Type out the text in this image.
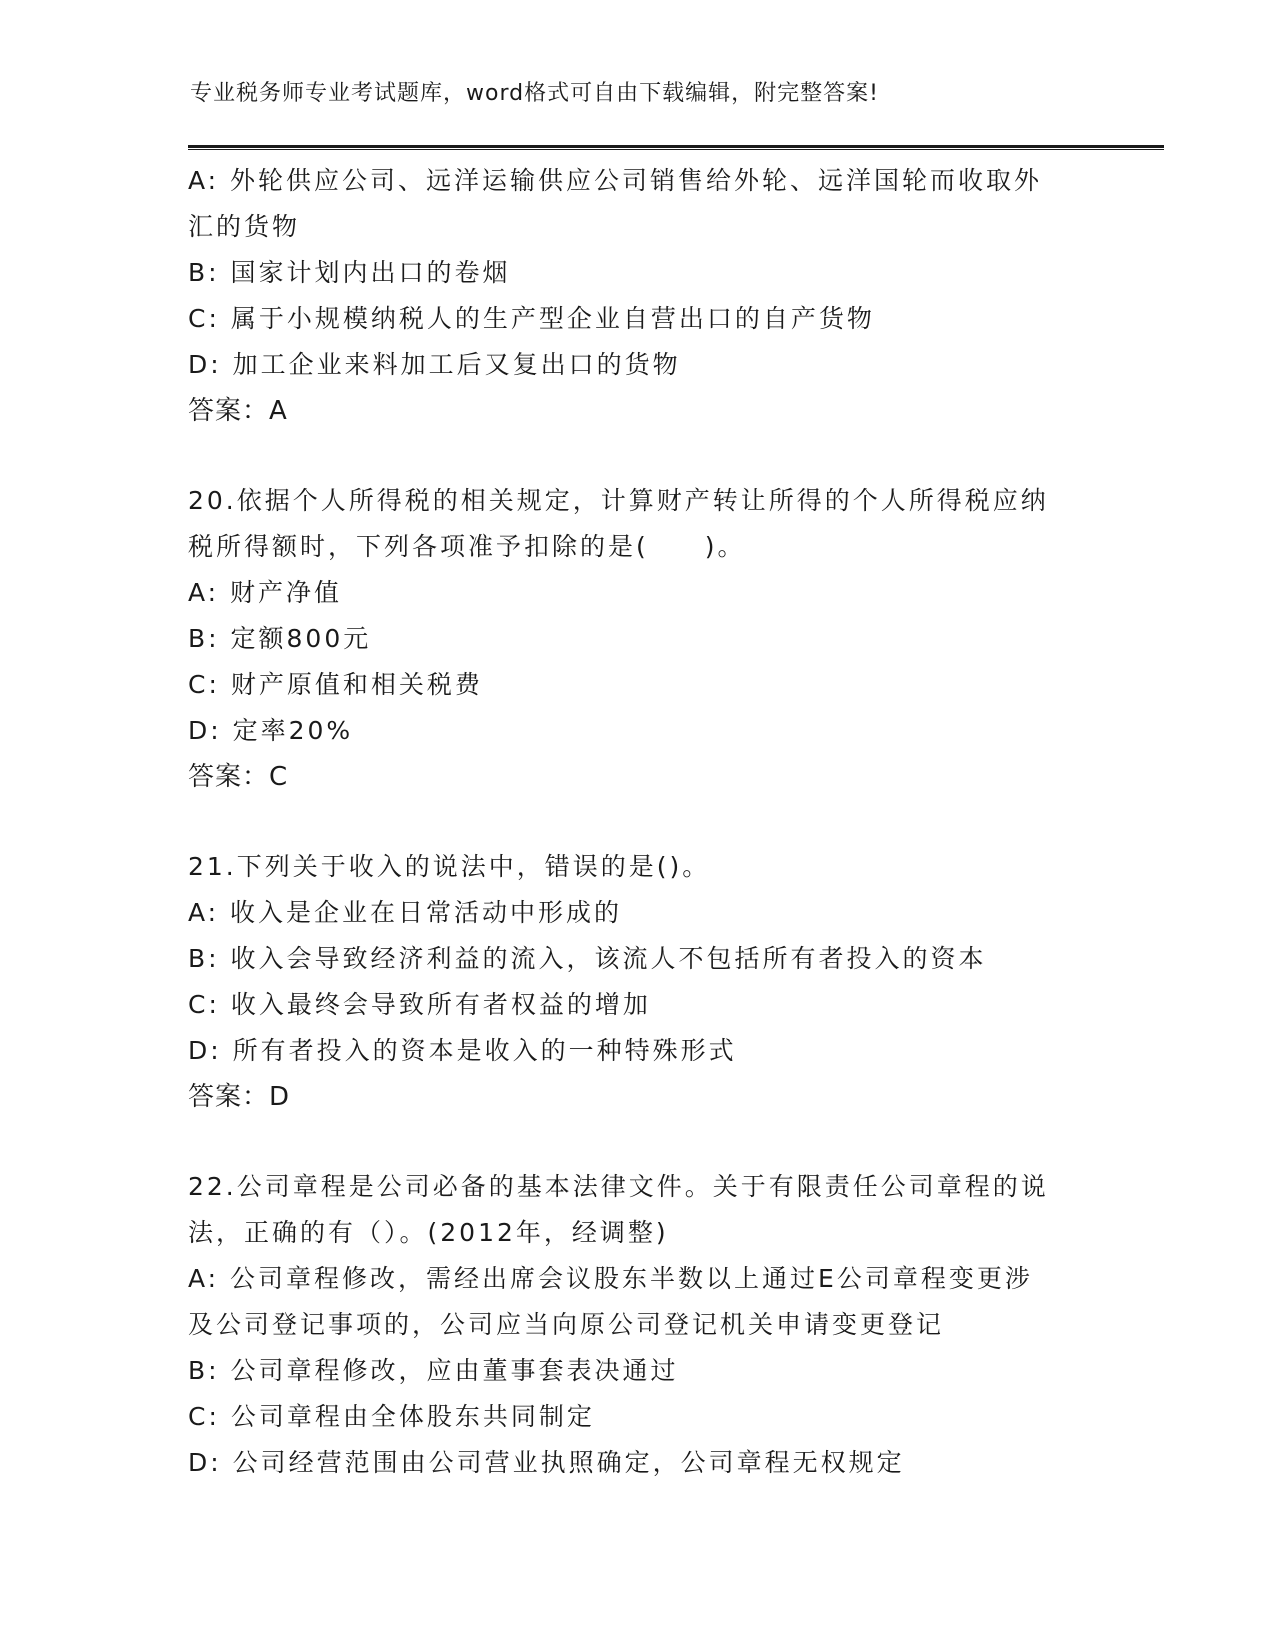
专业税务师专业考试题库，word格式可自由下载编辑，附完整答案!
A: 外轮供应公司、远洋运输供应公司销售给外轮、远洋国轮而收取外
汇的货物
B: 国家计划内出口的卷烟
C: 属于小规模纳税人的生产型企业自营出口的自产货物
D: 加工企业来料加工后又复出口的货物
答案：A
20.依据个人所得税的相关规定，计算财产转让所得的个人所得税应纳
税所得额时，下列各项准予扣除的是(　　)。
A: 财产净值
B: 定额800元
C: 财产原值和相关税费
D: 定率20%
答案：C
21.下列关于收入的说法中，错误的是()。
A: 收入是企业在日常活动中形成的
B: 收入会导致经济利益的流入，该流人不包括所有者投入的资本
C: 收入最终会导致所有者权益的增加
D: 所有者投入的资本是收入的一种特殊形式
答案：D
22.公司章程是公司必备的基本法律文件。关于有限责任公司章程的说
法，正确的有（）。(2012年，经调整)
A: 公司章程修改，需经出席会议股东半数以上通过E公司章程变更涉
及公司登记事项的，公司应当向原公司登记机关申请变更登记
B: 公司章程修改，应由董事套表决通过
C: 公司章程由全体股东共同制定
D: 公司经营范围由公司营业执照确定，公司章程无权规定
